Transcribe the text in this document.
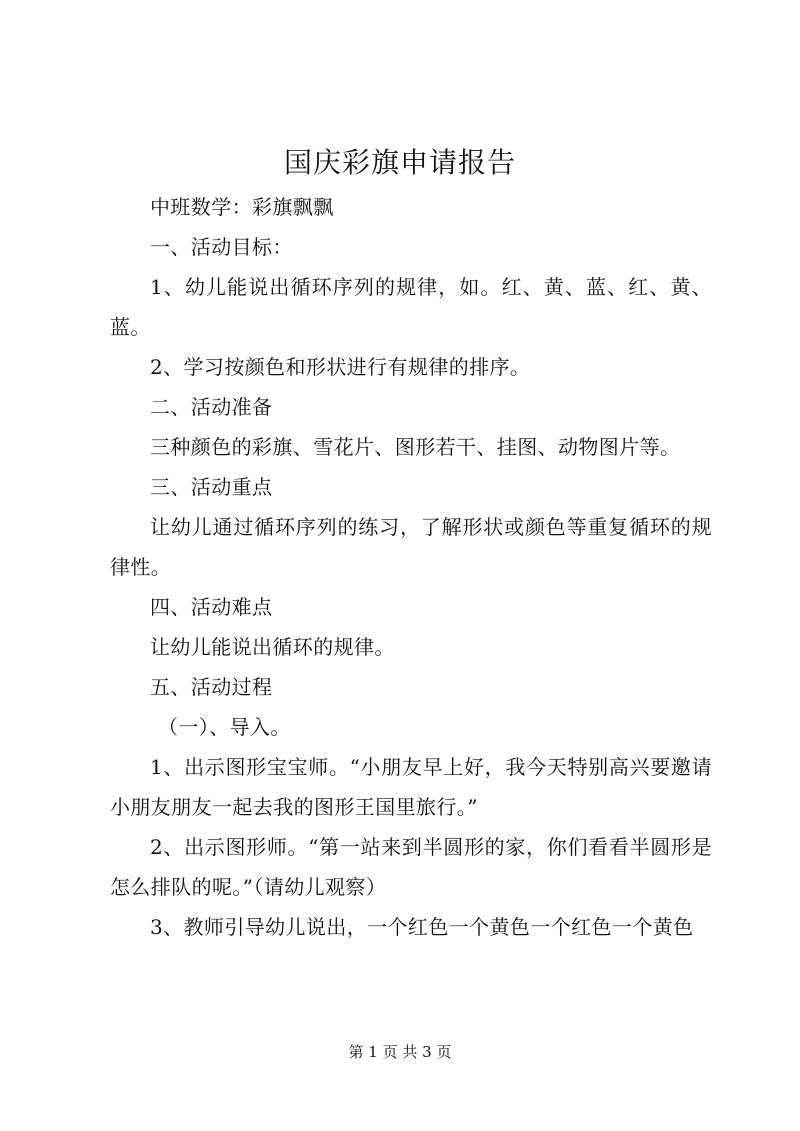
国庆彩旗申请报告

中班数学：彩旗飘飘

一、活动目标：

1、幼儿能说出循环序列的规律，如。红、黄、蓝、红、黄、蓝。

2、学习按颜色和形状进行有规律的排序。

二、活动准备

三种颜色的彩旗、雪花片、图形若干、挂图、动物图片等。

三、活动重点

让幼儿通过循环序列的练习，了解形状或颜色等重复循环的规律性。

四、活动难点

让幼儿能说出循环的规律。

五、活动过程

（一）、导入。

1、出示图形宝宝师。“小朋友早上好，我今天特别高兴要邀请小朋友朋友一起去我的图形王国里旅行。”

2、出示图形师。“第一站来到半圆形的家，你们看看半圆形是怎么排队的呢。”（请幼儿观察）

3、教师引导幼儿说出，一个红色一个黄色一个红色一个黄色

第 1 页 共 3 页
